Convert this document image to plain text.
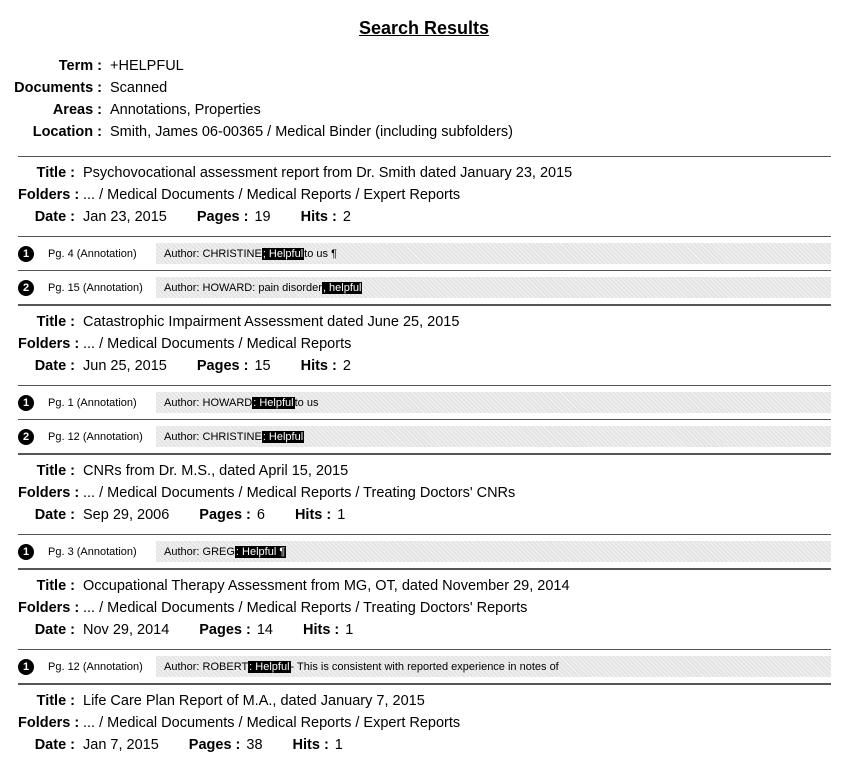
Search Results
Term : +HELPFUL
Documents : Scanned
Areas : Annotations, Properties
Location : Smith, James 06-00365 / Medical Binder (including subfolders)
Title : Psychovocational assessment report from Dr. Smith dated January 23, 2015
Folders : ... / Medical Documents / Medical Reports / Expert Reports
Date : Jan 23, 2015 Pages : 19 Hits : 2
1	Pg. 4 (Annotation)	Author: CHRISTINE ; Helpful to us ¶
2	Pg. 15 (Annotation)	Author: HOWARD: pain disorder , helpful
Title : Catastrophic Impairment Assessment dated June 25, 2015
Folders : ... / Medical Documents / Medical Reports
Date : Jun 25, 2015 Pages : 15 Hits : 2
1	Pg. 1 (Annotation)	Author: HOWARD : Helpful to us
2	Pg. 12 (Annotation)	Author: CHRISTINE : Helpful
Title : CNRs from Dr. M.S., dated April 15, 2015
Folders : ... / Medical Documents / Medical Reports / Treating Doctors' CNRs
Date : Sep 29, 2006 Pages : 6 Hits : 1
1	Pg. 3 (Annotation)	Author: GREG : Helpful ¶
Title : Occupational Therapy Assessment from MG, OT, dated November 29, 2014
Folders : ... / Medical Documents / Medical Reports / Treating Doctors' Reports
Date : Nov 29, 2014 Pages : 14 Hits : 1
1	Pg. 12 (Annotation)	Author: ROBERT : Helpful - This is consistent with reported experience in notes of
Title : Life Care Plan Report of M.A., dated January 7, 2015
Folders : ... / Medical Documents / Medical Reports / Expert Reports
Date : Jan 7, 2015 Pages : 38 Hits : 1
